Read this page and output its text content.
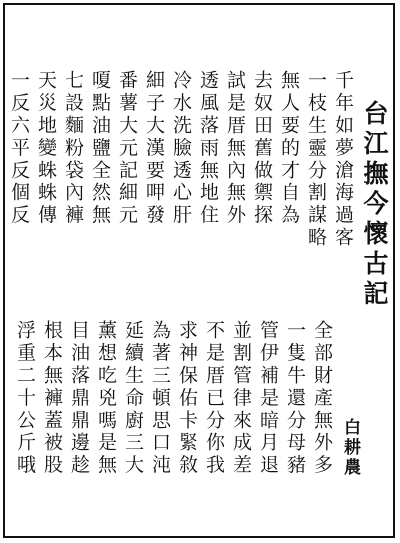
台江撫今懷古記
白耕農
千年如夢滄海過客
一枝生靈分割謀略
無人要的才自為
去奴田舊做禦探
試是厝無內無外
透風落雨無地住
冷水洗臉透心肝
細子大漢要呷發
番薯大元記細元
嗄點油鹽全然無
七設麵粉袋內褲
天災地變蛛蛛傳
一反六平反個反
全部財產無外多
一隻牛還分母豬
管伊補是暗月退
並割管律來成差
不是厝已分你我
求神保佑卡緊敘
為著三頓思口沌
延續生命廚三大
薰想吃兇嗎是無
目油落鼎鼎邊趁
根本無褲蓋被股
浮重二十公斤哦
